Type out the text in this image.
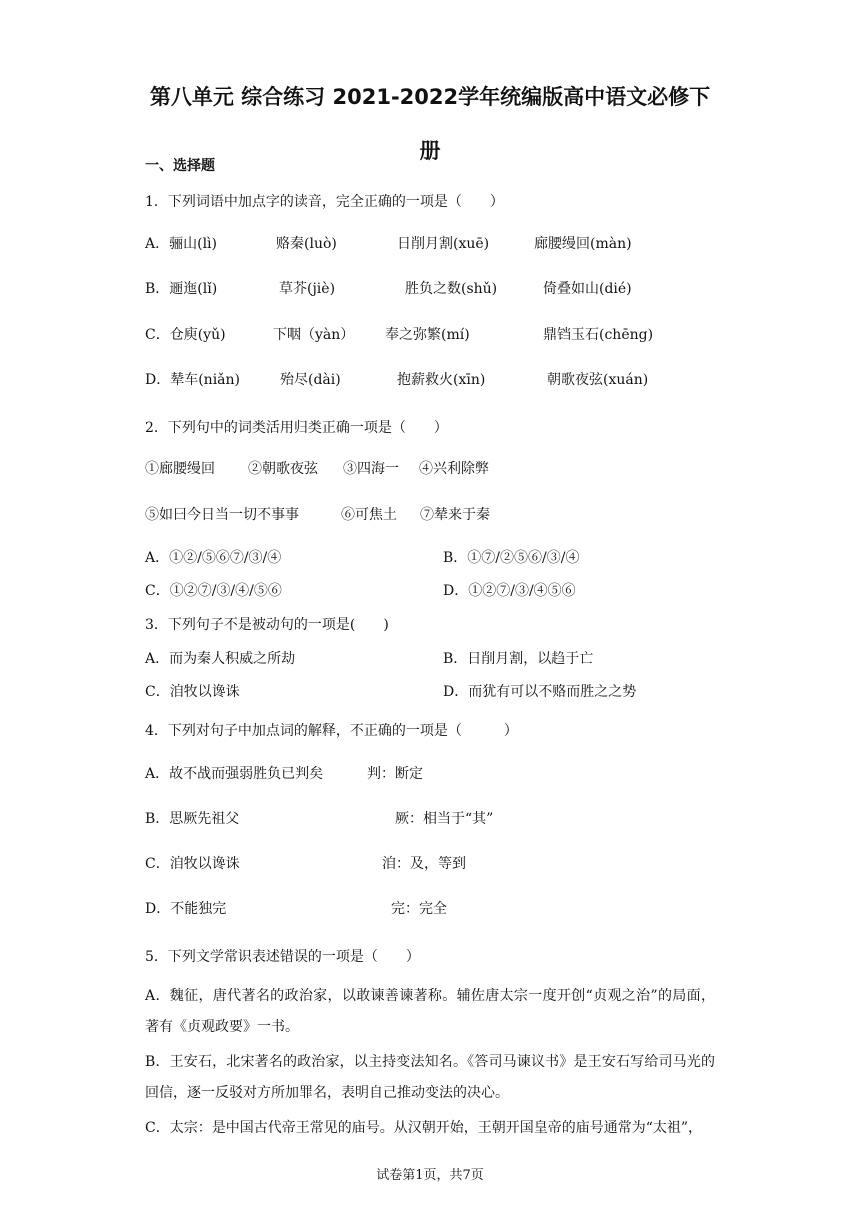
第八单元 综合练习 2021-2022学年统编版高中语文必修下
册
一、选择题
1．下列词语中加点字的读音，完全正确的一项是（　　）
A．骊山(lì)	赂秦(luò)	日削月割(xuē)	廊腰缦回(màn)
B．逦迤(lǐ)	草芥(jiè)	胜负之数(shǔ)	倚叠如山(dié)
C．仓庾(yǔ)	下咽（yàn） 奉之弥繁(mí)	鼎铛玉石(chēng)
D．辇车(niǎn)	殆尽(dài)	抱薪救火(xīn)	朝歌夜弦(xuán)
2．下列句中的词类活用归类正确一项是（　　）
①廊腰缦回 ②朝歌夜弦 ③四海一 ④兴利除弊
⑤如曰今日当一切不事事	⑥可焦土 ⑦辇来于秦
A．①②/⑤⑥⑦/③/④	B．①⑦/②⑤⑥/③/④
C．①②⑦/③/④/⑤⑥	D．①②⑦/③/④⑤⑥
3．下列句子不是被动句的一项是(　　)
A．而为秦人积威之所劫	B．日削月割，以趋于亡
C．洎牧以谗诛	D．而犹有可以不赂而胜之之势
4．下列对句子中加点词的解释，不正确的一项是（　　　）
A．故不战而强弱胜负已判矣	判：断定
B．思厥先祖父	厥：相当于“其”
C．洎牧以谗诛	洎：及，等到
D．不能独完	完：完全
5．下列文学常识表述错误的一项是（　　）
A．魏征，唐代著名的政治家，以敢谏善谏著称。辅佐唐太宗一度开创“贞观之治”的局面，著有《贞观政要》一书。
B．王安石，北宋著名的政治家，以主持变法知名。《答司马谏议书》是王安石写给司马光的回信，逐一反驳对方所加罪名，表明自己推动变法的决心。
C．太宗：是中国古代帝王常见的庙号。从汉朝开始，王朝开国皇帝的庙号通常为“太祖”，
试卷第1页，共7页
